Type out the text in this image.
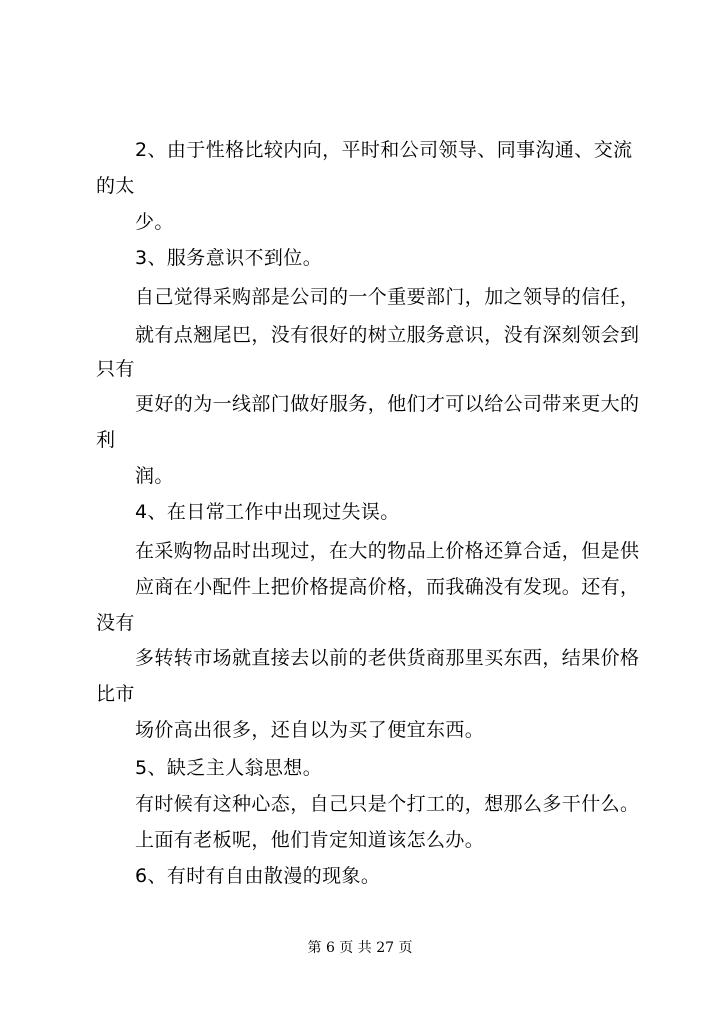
2、由于性格比较内向，平时和公司领导、同事沟通、交流
的太
少。
3、服务意识不到位。
自己觉得采购部是公司的一个重要部门，加之领导的信任，
就有点翘尾巴，没有很好的树立服务意识，没有深刻领会到
只有
更好的为一线部门做好服务，他们才可以给公司带来更大的
利
润。
4、在日常工作中出现过失误。
在采购物品时出现过，在大的物品上价格还算合适，但是供
应商在小配件上把价格提高价格，而我确没有发现。还有，
没有
多转转市场就直接去以前的老供货商那里买东西，结果价格
比市
场价高出很多，还自以为买了便宜东西。
5、缺乏主人翁思想。
有时候有这种心态，自己只是个打工的，想那么多干什么。
上面有老板呢，他们肯定知道该怎么办。
6、有时有自由散漫的现象。
第 6 页 共 27 页
